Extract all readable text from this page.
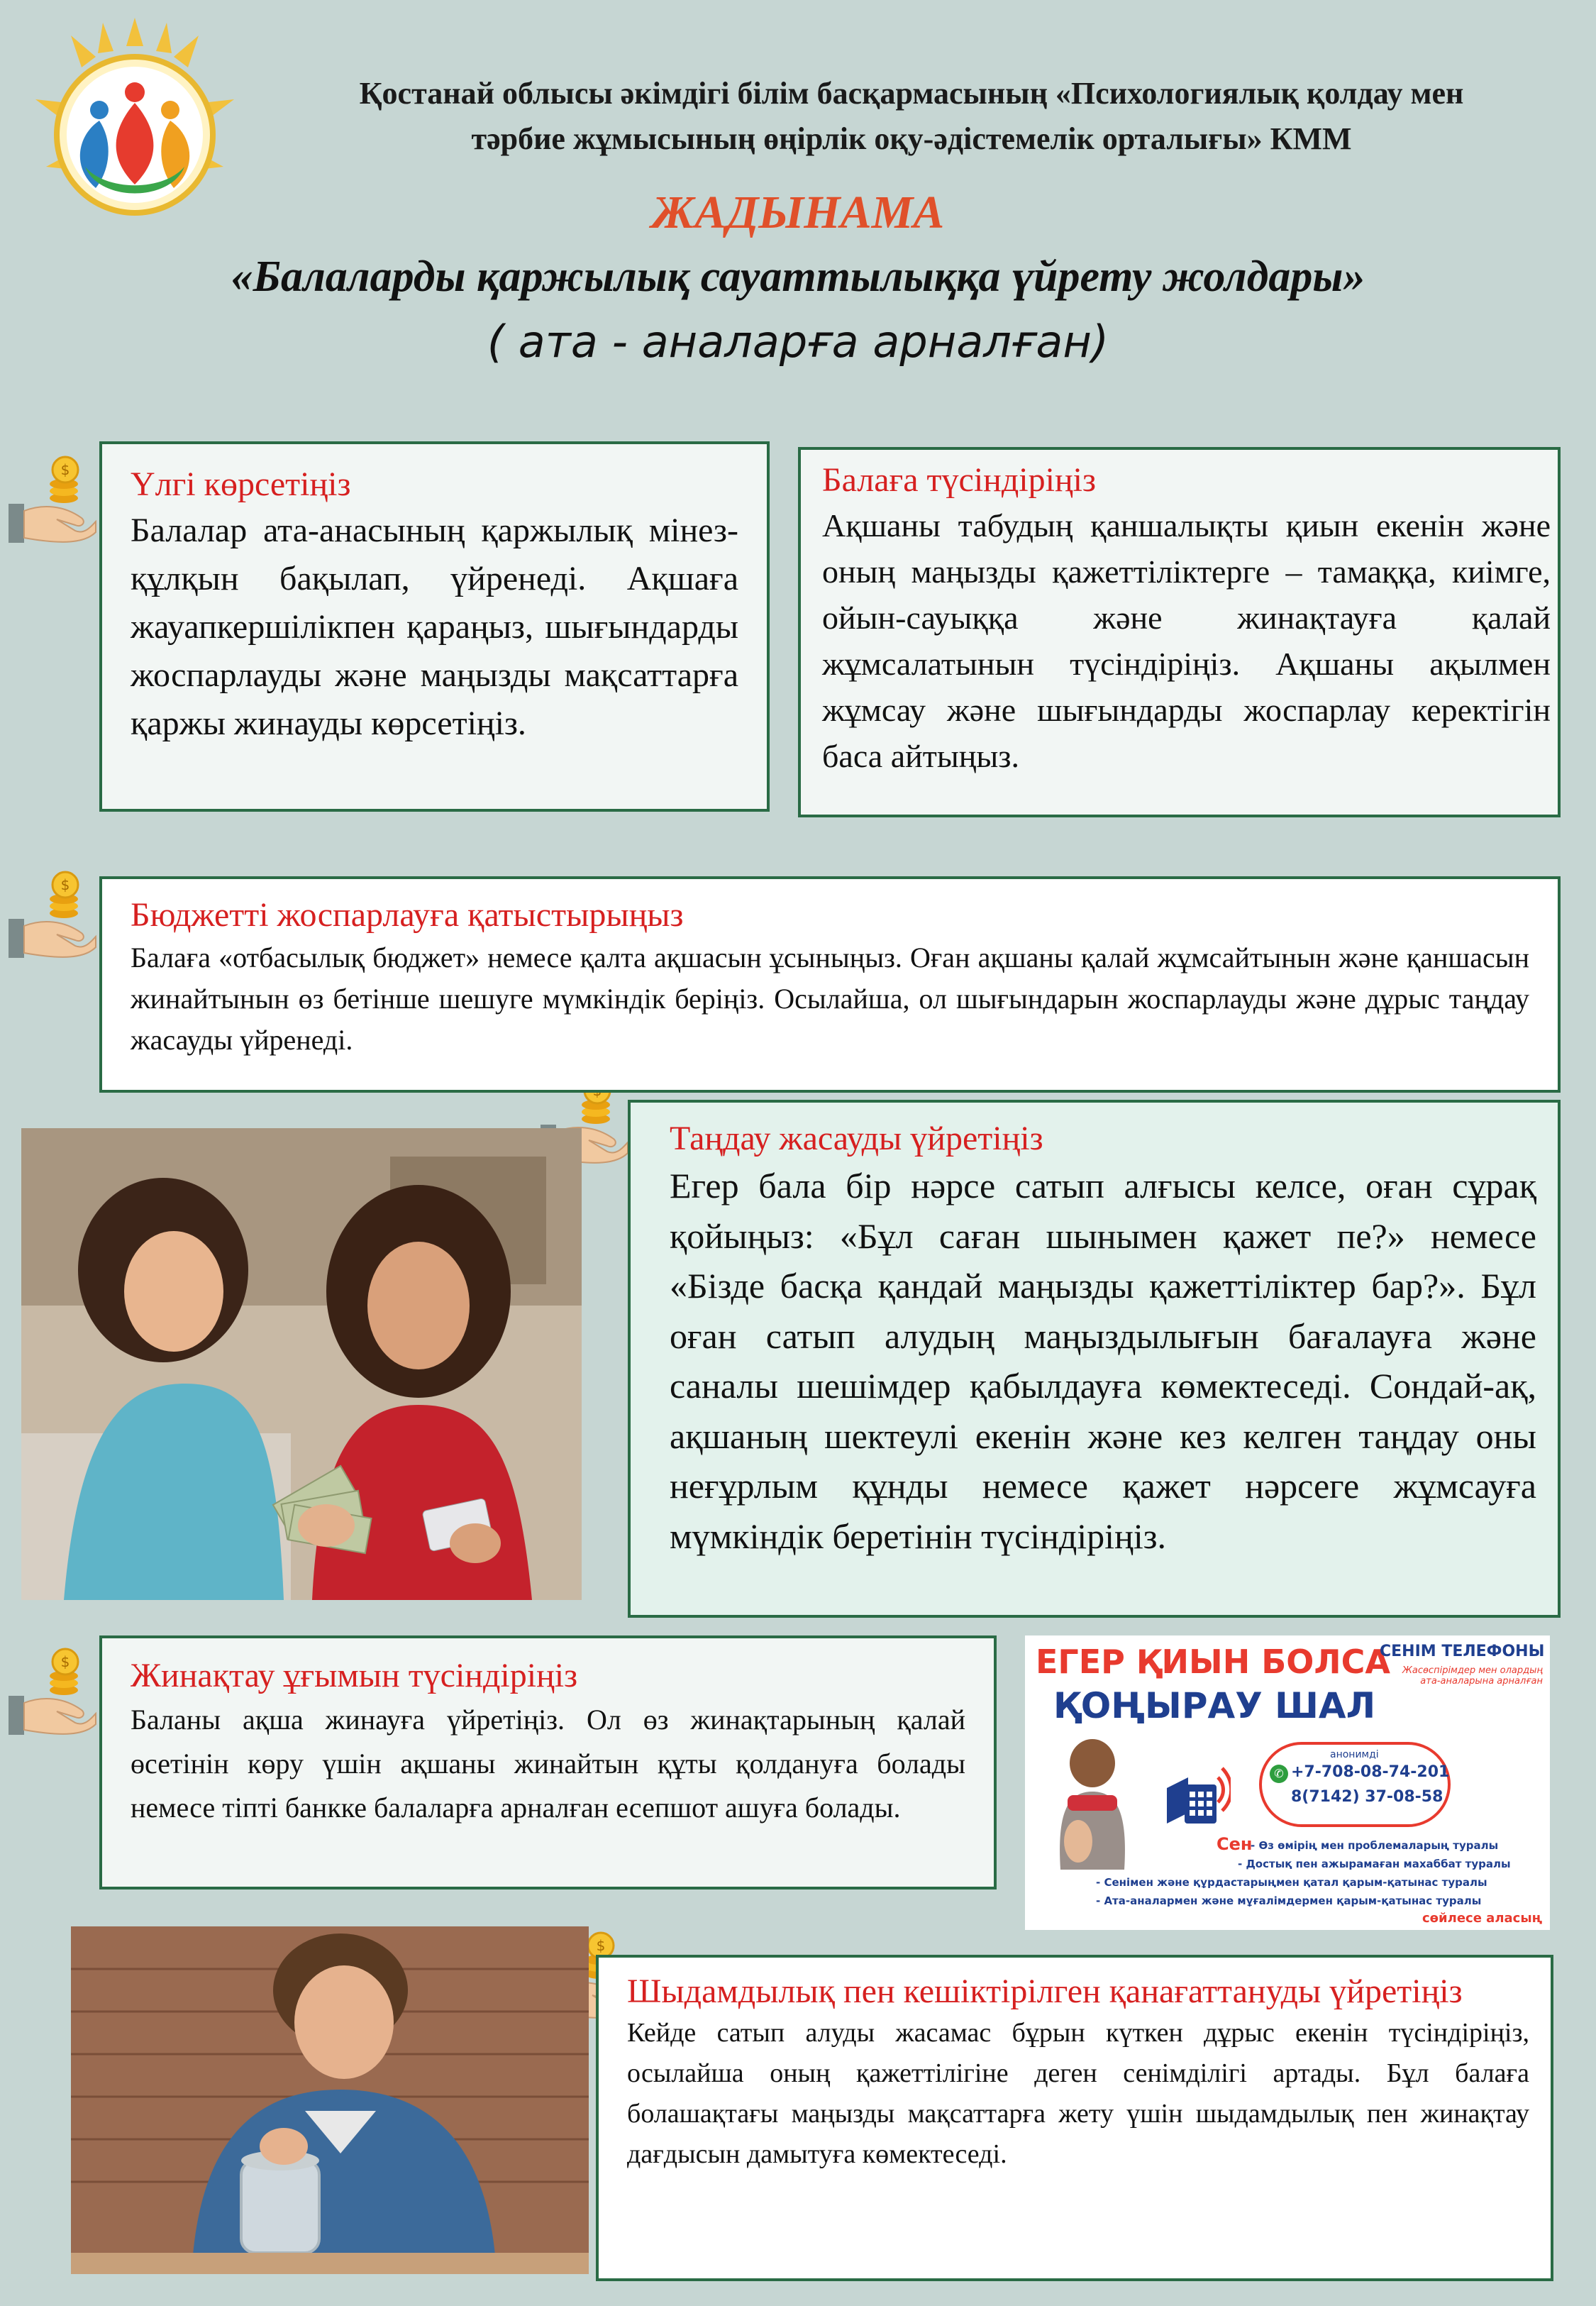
Қостанай облысы әкімдігі білім басқармасының «Психологиялық қолдау мен
тәрбие жұмысының өңірлік оқу-әдістемелік орталығы» КММ
ЖАДЫНАМА
«Балаларды қаржылық сауаттылыққа үйрету жолдары»
( ата - аналарға арналған)
$
$
$
$
Үлгі көрсетіңіз

Балалар ата-анасының қаржылық мінез-құлқын бақылап, үйренеді. Ақшаға жауапкершілікпен қараңыз, шығындарды жоспарлауды және маңызды мақсаттарға қаржы жинауды көрсетіңіз.

Балаға түсіндіріңіз

Ақшаны табудың қаншалықты қиын екенін және оның маңызды қажеттіліктерге – тамаққа, киімге, ойын-сауыққа және жинақтауға қалай жұмсалатынын түсіндіріңіз. Ақшаны ақылмен жұмсау және шығындарды жоспарлау керектігін баса айтыңыз.

Бюджетті жоспарлауға қатыстырыңыз

Балаға «отбасылық бюджет» немесе қалта ақшасын ұсыныңыз. Оған ақшаны қалай жұмсайтынын және қаншасын жинайтынын өз бетінше шешуге мүмкіндік беріңіз. Осылайша, ол шығындарын жоспарлауды және дұрыс таңдау жасауды үйренеді.

Таңдау жасауды үйретіңіз

Егер бала бір нәрсе сатып алғысы келсе, оған сұрақ қойыңыз: «Бұл саған шынымен қажет пе?» немесе «Бізде басқа қандай маңызды қажеттіліктер бар?». Бұл оған сатып алудың маңыздылығын бағалауға және саналы шешімдер қабылдауға көмектеседі. Сондай-ақ, ақшаның шектеулі екенін және кез келген таңдау оны неғұрлым құнды немесе қажет нәрсеге жұмсауға мүмкіндік беретінін түсіндіріңіз.

Жинақтау ұғымын түсіндіріңіз

Баланы ақша жинауға үйретіңіз. Ол өз жинақтарының қалай өсетінін көру үшін ақшаны жинайтын құты қолдануға болады немесе тіпті банкке балаларға арналған есепшот ашуға болады.

ЕГЕР ҚИЫН БОЛСА
ҚОҢЫРАУ ШАЛ
СЕНІМ ТЕЛЕФОНЫ
Жасөспірімдер мен олардың ата-аналарына арналған
анонимді
✆ +7-708-08-74-201
8(7142) 37-08-58
Сен
- Өз өмірің мен проблемаларың туралы
- Достық пен ажырамаған махаббат туралы
- Сенімен және құрдастарыңмен қатал қарым-қатынас туралы
- Ата-аналармен және мұғалімдермен қарым-қатынас туралы
сөйлесе аласың
Шыдамдылық пен кешіктірілген қанағаттануды үйретіңіз

Кейде сатып алуды жасамас бұрын күткен дұрыс екенін түсіндіріңіз, осылайша оның қажеттілігіне деген сенімділігі артады. Бұл балаға болашақтағы маңызды мақсаттарға жету үшін шыдамдылық пен жинақтау дағдысын дамытуға көмектеседі.
